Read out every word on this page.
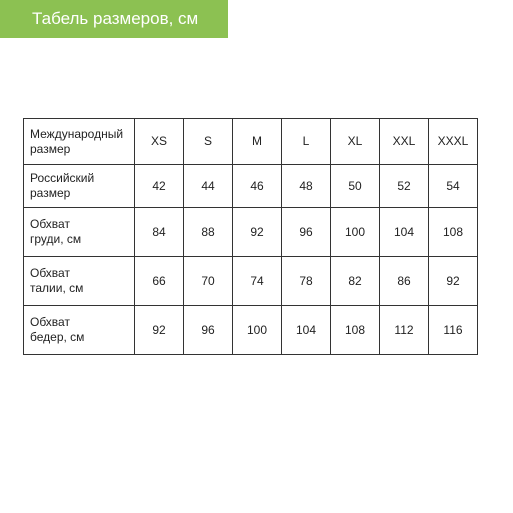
Табель размеров, см
Международный
размер	XS	S	M	L	XL	XXL	XXXL
Российский
размер	42	44	46	48	50	52	54
Обхват
груди, см	84	88	92	96	100	104	108
Обхват
талии, см	66	70	74	78	82	86	92
Обхват
бедер, см	92	96	100	104	108	112	116
